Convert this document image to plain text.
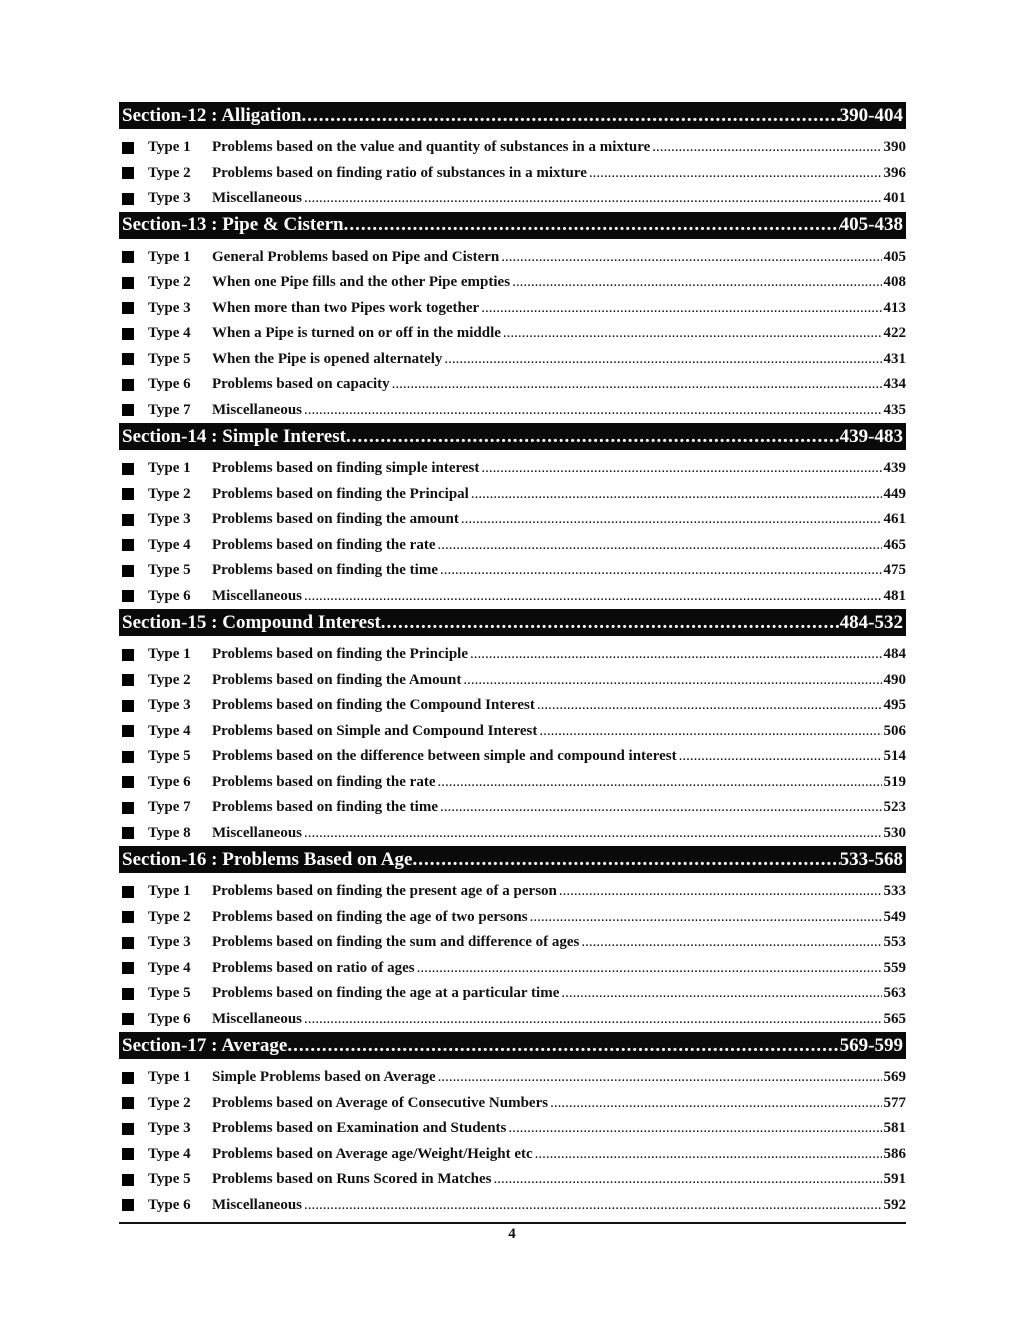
Section-12 : Alligation .....	390-404
Type 1	Problems based on the value and quantity of substances in a mixture .....	390
Type 2	Problems based on finding ratio of substances in a mixture .....	396
Type 3	Miscellaneous .....	401
Section-13 : Pipe & Cistern .....	405-438
Type 1	General Problems based on Pipe and Cistern .....	405
Type 2	When one Pipe fills and the other Pipe empties .....	408
Type 3	When more than two Pipes work together .....	413
Type 4	When a Pipe is turned on or off in the middle .....	422
Type 5	When the Pipe is opened alternately .....	431
Type 6	Problems based on capacity .....	434
Type 7	Miscellaneous .....	435
Section-14 : Simple Interest .....	439-483
Type 1	Problems based on finding simple interest .....	439
Type 2	Problems based on finding the Principal .....	449
Type 3	Problems based on finding the amount .....	461
Type 4	Problems based on finding the rate .....	465
Type 5	Problems based on finding the time .....	475
Type 6	Miscellaneous .....	481
Section-15 : Compound Interest .....	484-532
Type 1	Problems based on finding the Principle .....	484
Type 2	Problems based on finding the Amount .....	490
Type 3	Problems based on finding the Compound Interest .....	495
Type 4	Problems based on Simple and Compound Interest .....	506
Type 5	Problems based on the difference between simple and compound interest .....	514
Type 6	Problems based on finding the rate .....	519
Type 7	Problems based on finding the time .....	523
Type 8	Miscellaneous .....	530
Section-16 : Problems Based on Age .....	533-568
Type 1	Problems based on finding the present age of a person .....	533
Type 2	Problems based on finding the age of two persons .....	549
Type 3	Problems based on finding the sum and difference of ages .....	553
Type 4	Problems based on ratio of ages .....	559
Type 5	Problems based on finding the age at a particular time .....	563
Type 6	Miscellaneous .....	565
Section-17 : Average .....	569-599
Type 1	Simple Problems based on Average .....	569
Type 2	Problems based on Average of Consecutive Numbers .....	577
Type 3	Problems based on Examination and Students .....	581
Type 4	Problems based on Average age/Weight/Height etc .....	586
Type 5	Problems based on Runs Scored in Matches .....	591
Type 6	Miscellaneous .....	592
4
